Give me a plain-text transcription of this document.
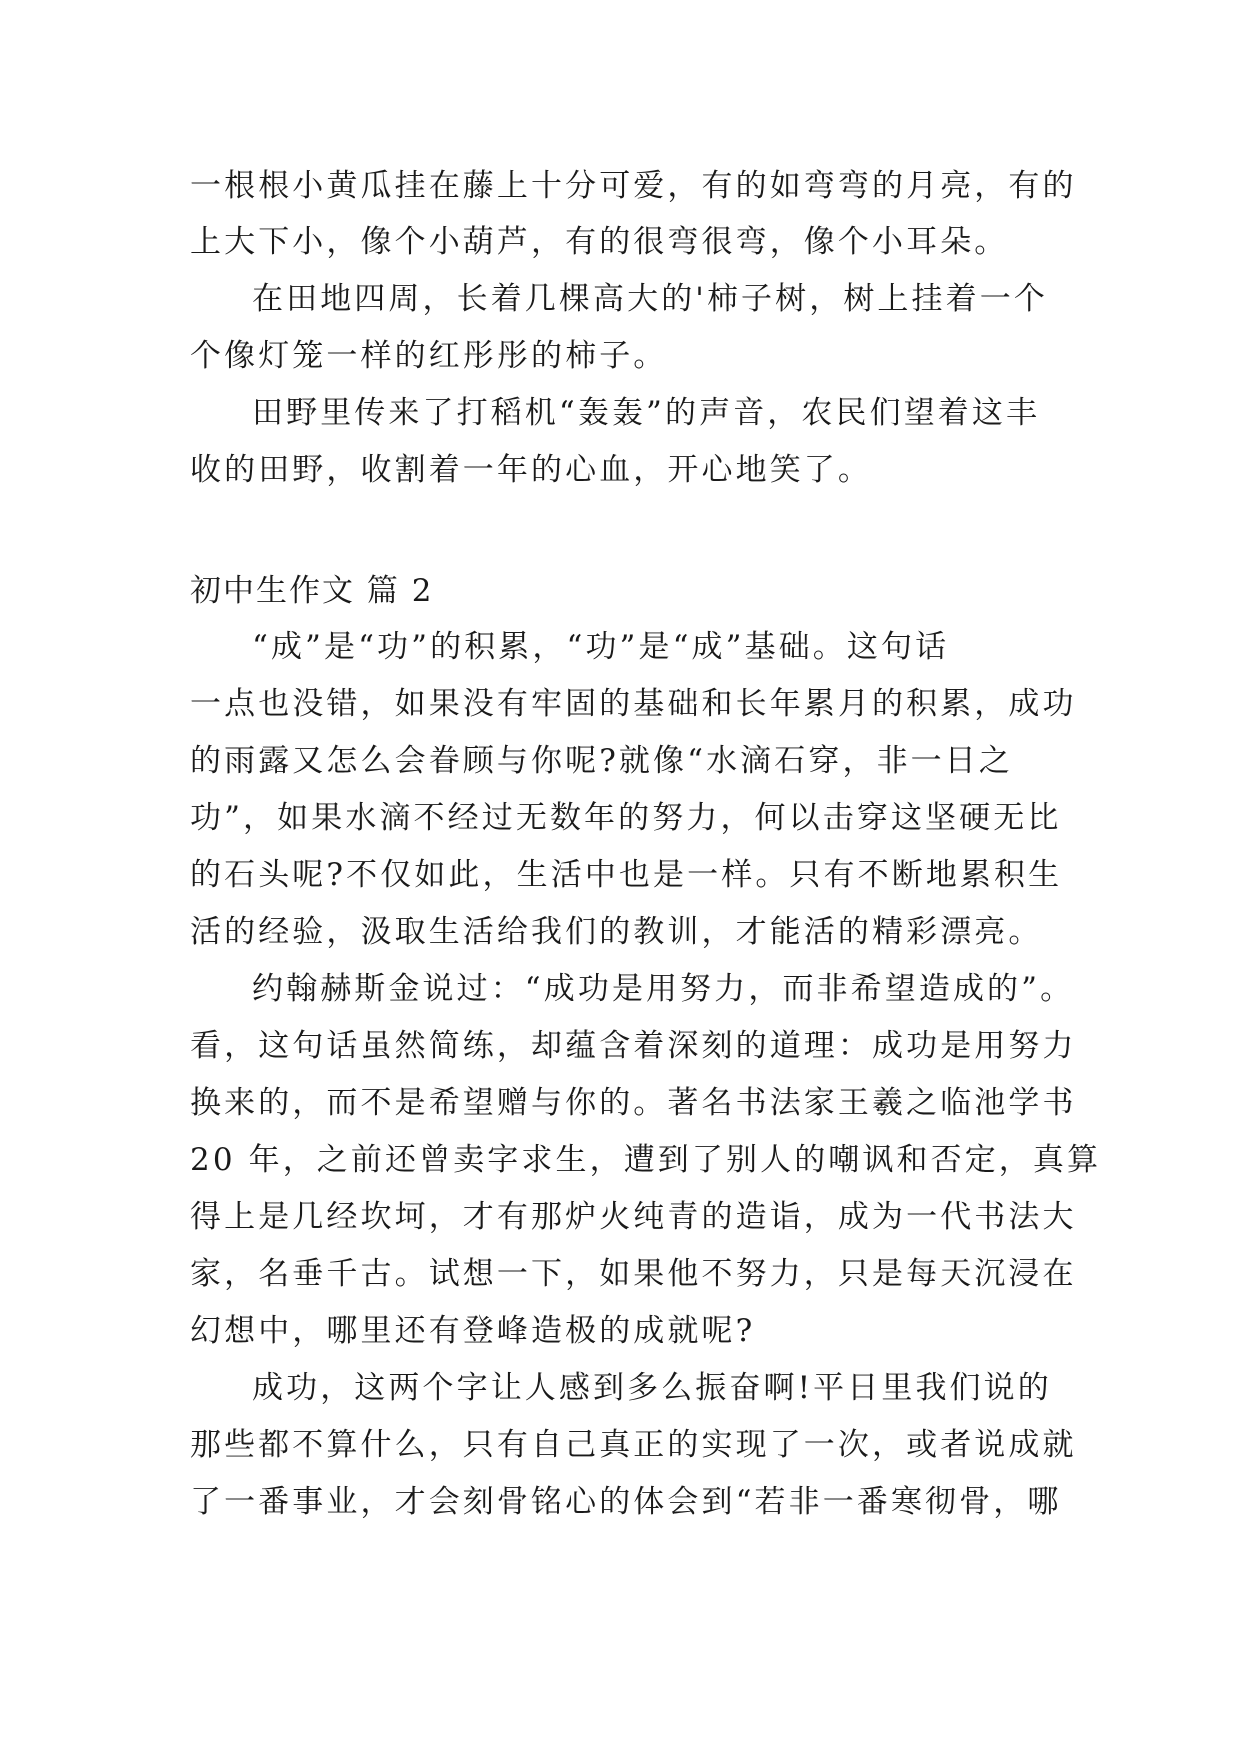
一根根小黄瓜挂在藤上十分可爱，有的如弯弯的月亮，有的
上大下小，像个小葫芦，有的很弯很弯，像个小耳朵。
在田地四周，长着几棵高大的'柿子树，树上挂着一个
个像灯笼一样的红彤彤的柿子。
田野里传来了打稻机“轰轰”的声音，农民们望着这丰
收的田野，收割着一年的心血，开心地笑了。
初中生作文 篇 2
“成”是“功”的积累，“功”是“成”基础。这句话
一点也没错，如果没有牢固的基础和长年累月的积累，成功
的雨露又怎么会眷顾与你呢?就像“水滴石穿，非一日之
功”，如果水滴不经过无数年的努力，何以击穿这坚硬无比
的石头呢?不仅如此，生活中也是一样。只有不断地累积生
活的经验，汲取生活给我们的教训，才能活的精彩漂亮。
约翰赫斯金说过：“成功是用努力，而非希望造成的”。
看，这句话虽然简练，却蕴含着深刻的道理：成功是用努力
换来的，而不是希望赠与你的。著名书法家王羲之临池学书
20 年，之前还曾卖字求生，遭到了别人的嘲讽和否定，真算
得上是几经坎坷，才有那炉火纯青的造诣，成为一代书法大
家，名垂千古。试想一下，如果他不努力，只是每天沉浸在
幻想中，哪里还有登峰造极的成就呢?
成功，这两个字让人感到多么振奋啊!平日里我们说的
那些都不算什么，只有自己真正的实现了一次，或者说成就
了一番事业，才会刻骨铭心的体会到“若非一番寒彻骨，哪
